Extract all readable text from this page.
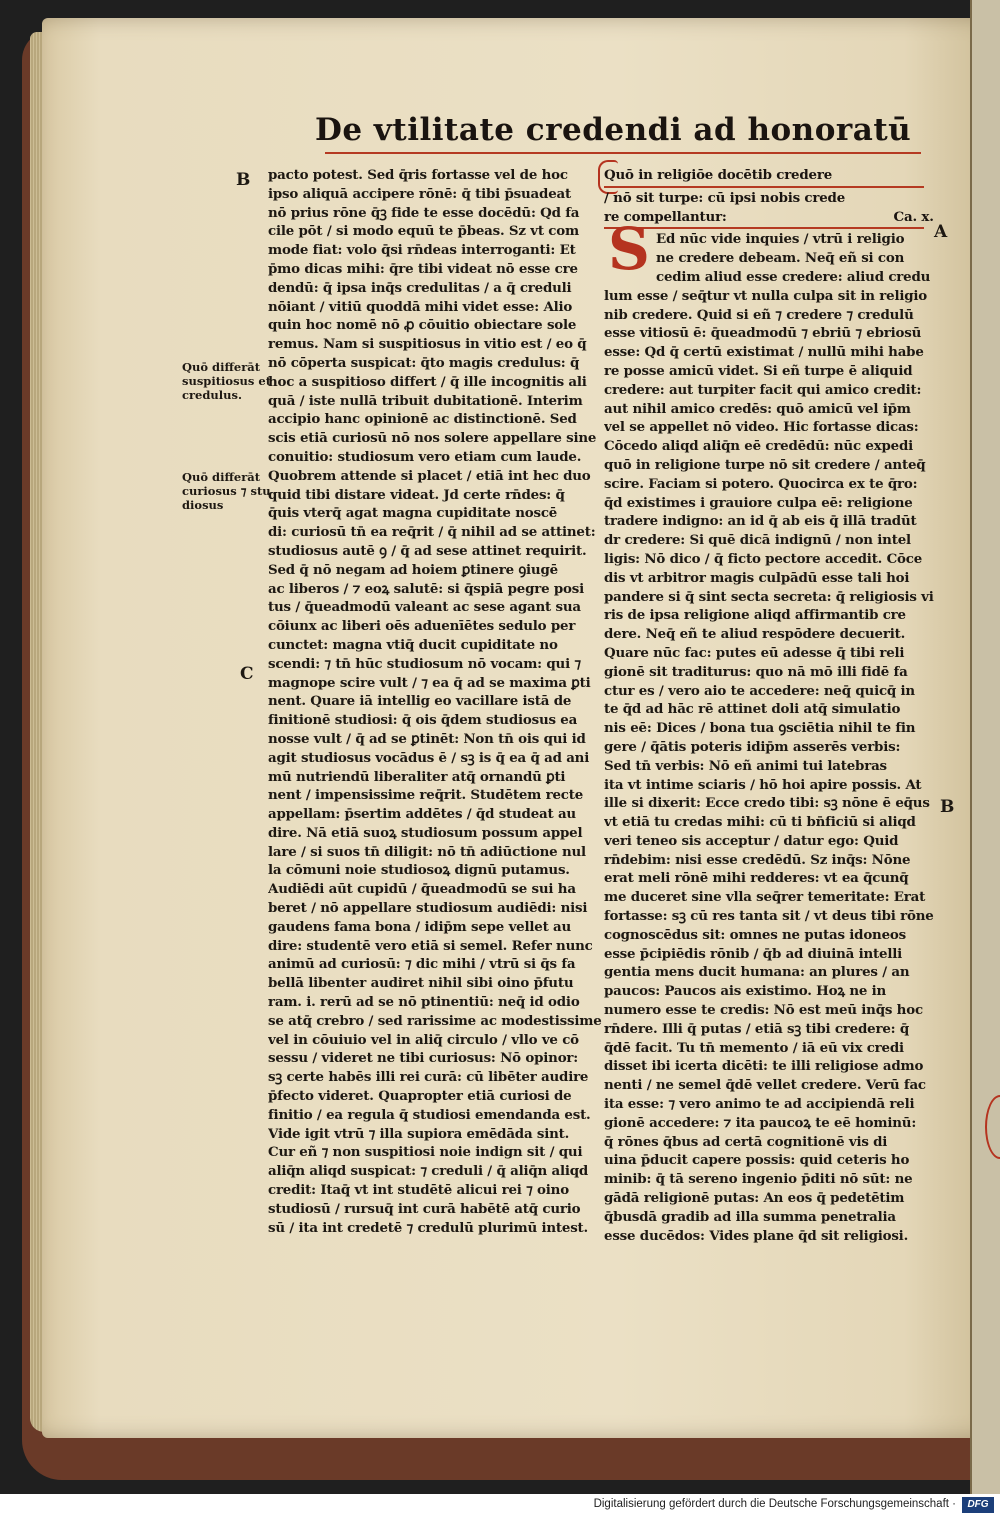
De vtilitate credendi ad honoratū
B
C
A
B
Quō differāt
suspitiosus et
credulus.
Quō differāt
curiosus ⁊ stu
diosus
pacto potest. Sed q̄ris fortasse vel de hoc
ipso aliquā accipere rōnē: q̄ tibi p̄suadeat
nō prius rōne q̄ꝫ fide te esse docēdū: Qd fa
cile pōt / si modo equū te p̄beas. Sz vt com
mode fiat: volo q̄si rn̄deas interroganti: Et
p̄mo dicas mihi: q̄re tibi videat nō esse cre
dendū: q̄ ipsa inq̄s credulitas / a q̄ creduli
nōiant / vitiū quoddā mihi videt esse: Alio
quin hoc nomē nō ꝓ cōuitio obiectare sole
remus. Nam si suspitiosus in vitio est / eo q̄
nō cōperta suspicat: q̄to magis credulus: q̄
hoc a suspitioso differt / q̄ ille incognitis ali
quā / iste nullā tribuit dubitationē. Interim
accipio hanc opinionē ac distinctionē. Sed
scis etiā curiosū nō nos solere appellare sine
conuitio: studiosum vero etiam cum laude.
Quobrem attende si placet / etiā int hec duo
quid tibi distare videat. Jd certe rn̄des: q̄
q̄uis vterq̄ agat magna cupiditate noscē
di: curiosū tn̄ ea req̄rit / q̄ nihil ad se attinet:
studiosus autē ꝯ / q̄ ad sese attinet requirit.
Sed q̄ nō negam ad hoiem ꝑtinere ꝯiugē
ac liberos / ⁊ eoꝝ salutē: si q̄spiā pegre posi
tus / q̄ueadmodū valeant ac sese agant sua
cōiunx ac liberi oēs aduenīētes sedulo per
cunctet: magna vtiq̄ ducit cupiditate no
scendi: ⁊ tn̄ hūc studiosum nō vocam: qui ⁊
magnope scire vult / ⁊ ea q̄ ad se maxima ꝑti
nent. Quare iā intellig eo vacillare istā de
finitionē studiosi: q̄ ois q̄dem studiosus ea
nosse vult / q̄ ad se ꝑtinēt: Non tn̄ ois qui id
agit studiosus vocādus ē / sꝫ is q̄ ea q̄ ad ani
mū nutriendū liberaliter atq̄ ornandū ꝑti
nent / impensissime req̄rit. Studētem recte
appellam: p̄sertim addētes / q̄d studeat au
dire. Nā etiā suoꝝ studiosum possum appel
lare / si suos tn̄ diligit: nō tn̄ adiūctione nul
la cōmuni noie studiosoꝝ dignū putamus.
Audiēdi aūt cupidū / q̄ueadmodū se sui ha
beret / nō appellare studiosum audiēdi: nisi
gaudens fama bona / idip̄m sepe vellet au
dire: studentē vero etiā si semel. Refer nunc
animū ad curiosū: ⁊ dic mihi / vtrū si q̄s fa
bellā libenter audiret nihil sibi oino p̄futu
ram. i. rerū ad se nō ptinentiū: neq̄ id odio
se atq̄ crebro / sed rarissime ac modestissime
vel in cōuiuio vel in aliq̄ circulo / vllo ve cō
sessu / videret ne tibi curiosus: Nō opinor:
sꝫ certe habēs illi rei curā: cū libēter audire
p̄fecto videret. Quapropter etiā curiosi de
finitio / ea regula q̄ studiosi emendanda est.
Vide igit vtrū ⁊ illa supiora emēdāda sint.
Cur eñ ⁊ non suspitiosi noie indign sit / qui
aliq̄n aliqd suspicat: ⁊ creduli / q̄ aliq̄n aliqd
credit: Itaq̄ vt int studētē alicui rei ⁊ oino
studiosū / rursuq̄ int curā habētē atq̄ curio
sū / ita int credetē ⁊ credulū plurimū intest.
Quō in religiōe docētib credere
/ nō sit turpe: cū ipsi nobis crede
re compellantur:	Ca. x.
Ed nūc vide inquies / vtrū i religio
ne credere debeam. Neq̄ eñ si con
cedim aliud esse credere: aliud credu
lum esse / seq̄tur vt nulla culpa sit in religio
nib credere. Quid si eñ ⁊ credere ⁊ credulū
esse vitiosū ē: q̄ueadmodū ⁊ ebriū ⁊ ebriosū
esse: Qd q̄ certū existimat / nullū mihi habe
re posse amicū videt. Si eñ turpe ē aliquid
credere: aut turpiter facit qui amico credit:
aut nihil amico credēs: quō amicū vel ip̄m
vel se appellet nō video. Hic fortasse dicas:
Cōcedo aliqd aliq̄n eē credēdū: nūc expedi
quō in religione turpe nō sit credere / anteq̄
scire. Faciam si potero. Quocirca ex te q̄ro:
q̄d existimes i grauiore culpa eē: religione
tradere indigno: an id q̄ ab eis q̄ illā tradūt
dr credere: Si quē dicā indignū / non intel
ligis: Nō dico / q̄ ficto pectore accedit. Cōce
dis vt arbitror magis culpādū esse tali hoi
pandere si q̄ sint secta secreta: q̄ religiosis vi
ris de ipsa religione aliqd affirmantib cre
dere. Neq̄ eñ te aliud respōdere decuerit.
Quare nūc fac: putes eū adesse q̄ tibi reli
gionē sit traditurus: quo nā mō illi fidē fa
ctur es / vero aio te accedere: neq̄ quicq̄ in
te q̄d ad hāc rē attinet doli atq̄ simulatio
nis eē: Dices / bona tua ꝯsciētia nihil te fin
gere / q̄ātis poteris idip̄m asserēs verbis:
Sed tn̄ verbis: Nō eñ animi tui latebras
ita vt intime sciaris / hō hoi apire possis. At
ille si dixerit: Ecce credo tibi: sꝫ nōne ē eq̄us
vt etiā tu credas mihi: cū ti bn̄ficiū si aliqd
veri teneo sis acceptur / datur ego: Quid
rn̄debim: nisi esse credēdū. Sz inq̄s: Nōne
erat meli rōnē mihi redderes: vt ea q̄cunq̄
me duceret sine vlla seq̄rer temeritate: Erat
fortasse: sꝫ cū res tanta sit / vt deus tibi rōne
cognoscēdus sit: omnes ne putas idoneos
esse p̄cipiēdis rōnib / q̄b ad diuinā intelli
gentia mens ducit humana: an plures / an
paucos: Paucos ais existimo. Hoꝝ ne in
numero esse te credis: Nō est meū inq̄s hoc
rn̄dere. Illi q̄ putas / etiā sꝫ tibi credere: q̄
q̄dē facit. Tu tn̄ memento / iā eū vix credi
disset ibi icerta dicēti: te illi religiose admo
nenti / ne semel q̄dē vellet credere. Verū fac
ita esse: ⁊ vero animo te ad accipiendā reli
gionē accedere: ⁊ ita paucoꝝ te eē hominū:
q̄ rōnes q̄bus ad certā cognitionē vis di
uina p̄ducit capere possis: quid ceteris ho
minib: q̄ tā sereno ingenio p̄diti nō sūt: ne
gādā religionē putas: An eos q̄ pedetētim
q̄busdā gradib ad illa summa penetralia
esse ducēdos: Vides plane q̄d sit religiosi.
S
Digitalisierung gefördert durch die Deutsche Forschungsgemeinschaft ·	DFG
